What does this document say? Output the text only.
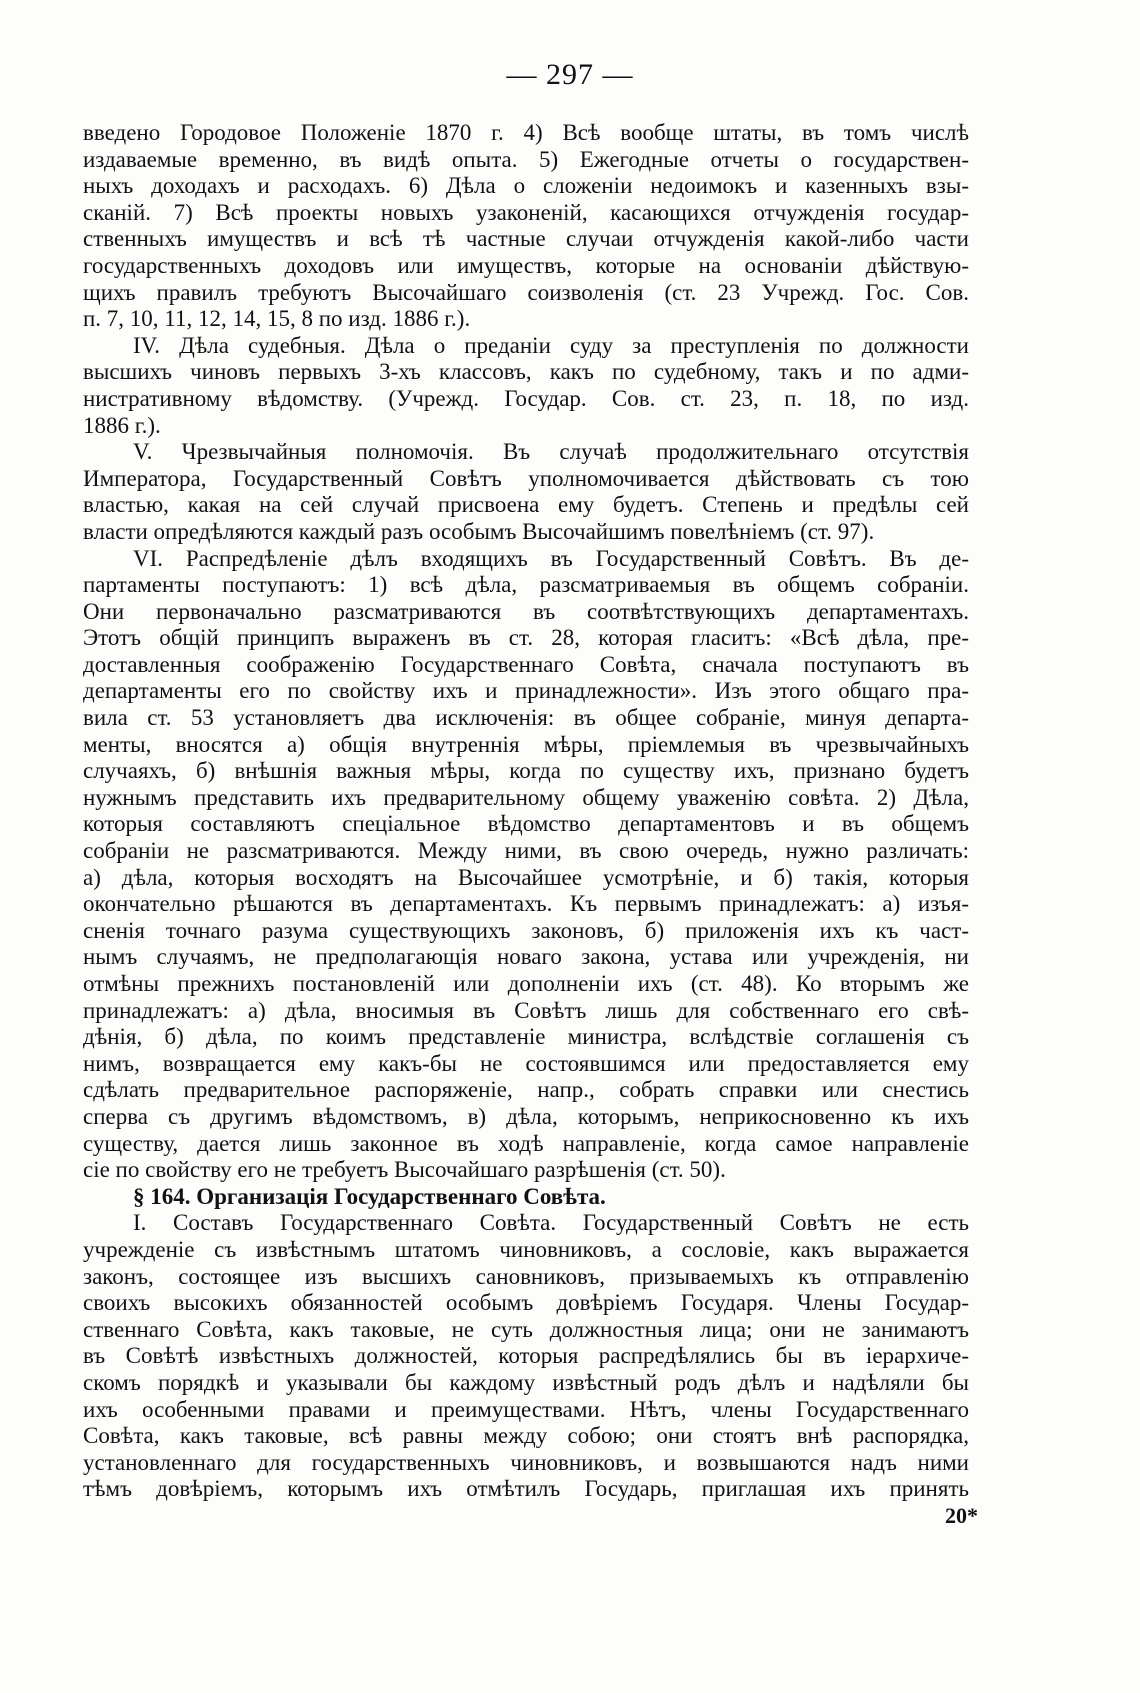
— 297 —
введено Городовое Положеніе 1870 г. 4) Всѣ вообще штаты, въ томъ числѣ
издаваемые временно, въ видѣ опыта. 5) Ежегодные отчеты о государствен-
ныхъ доходахъ и расходахъ. 6) Дѣла о сложеніи недоимокъ и казенныхъ взы-
сканій. 7) Всѣ проекты новыхъ узаконеній, касающихся отчужденія государ-
ственныхъ имуществъ и всѣ тѣ частные случаи отчужденія какой-либо части
государственныхъ доходовъ или имуществъ, которые на основаніи дѣйствую-
щихъ правилъ требуютъ Высочайшаго соизволенія (ст. 23 Учрежд. Гос. Сов.
п. 7, 10, 11, 12, 14, 15, 8 по изд. 1886 г.).
IV. Дѣла судебныя. Дѣла о преданіи суду за преступленія по должности
высшихъ чиновъ первыхъ 3-хъ классовъ, какъ по судебному, такъ и по адми-
нистративному вѣдомству. (Учрежд. Государ. Сов. ст. 23, п. 18, по изд.
1886 г.).
V. Чрезвычайныя полномочія. Въ случаѣ продолжительнаго отсутствія
Императора, Государственный Совѣтъ уполномочивается дѣйствовать съ тою
властью, какая на сей случай присвоена ему будетъ. Степень и предѣлы сей
власти опредѣляются каждый разъ особымъ Высочайшимъ повелѣніемъ (ст. 97).
VI. Распредѣленіе дѣлъ входящихъ въ Государственный Совѣтъ. Въ де-
партаменты поступаютъ: 1) всѣ дѣла, разсматриваемыя въ общемъ собраніи.
Они первоначально разсматриваются въ соотвѣтствующихъ департаментахъ.
Этотъ общій принципъ выраженъ въ ст. 28, которая гласитъ: «Всѣ дѣла, пре-
доставленныя соображенію Государственнаго Совѣта, сначала поступаютъ въ
департаменты его по свойству ихъ и принадлежности». Изъ этого общаго пра-
вила ст. 53 установляетъ два исключенія: въ общее собраніе, минуя департа-
менты, вносятся а) общія внутреннія мѣры, пріемлемыя въ чрезвычайныхъ
случаяхъ, б) внѣшнія важныя мѣры, когда по существу ихъ, признано будетъ
нужнымъ представить ихъ предварительному общему уваженію совѣта. 2) Дѣла,
которыя составляютъ спеціальное вѣдомство департаментовъ и въ общемъ
собраніи не разсматриваются. Между ними, въ свою очередь, нужно различать:
а) дѣла, которыя восходятъ на Высочайшее усмотрѣніе, и б) такія, которыя
окончательно рѣшаются въ департаментахъ. Къ первымъ принадлежатъ: а) изъя-
сненія точнаго разума существующихъ законовъ, б) приложенія ихъ къ част-
нымъ случаямъ, не предполагающія новаго закона, устава или учрежденія, ни
отмѣны прежнихъ постановленій или дополненіи ихъ (ст. 48). Ко вторымъ же
принадлежатъ: а) дѣла, вносимыя въ Совѣтъ лишь для собственнаго его свѣ-
дѣнія, б) дѣла, по коимъ представленіе министра, вслѣдствіе соглашенія съ
нимъ, возвращается ему какъ-бы не состоявшимся или предоставляется ему
сдѣлать предварительное распоряженіе, напр., собрать справки или снестись
сперва съ другимъ вѣдомствомъ, в) дѣла, которымъ, неприкосновенно къ ихъ
существу, дается лишь законное въ ходѣ направленіе, когда самое направленіе
сіе по свойству его не требуетъ Высочайшаго разрѣшенія (ст. 50).
§ 164. Организація Государственнаго Совѣта.
I. Составъ Государственнаго Совѣта. Государственный Совѣтъ не есть
учрежденіе съ извѣстнымъ штатомъ чиновниковъ, а сословіе, какъ выражается
законъ, состоящее изъ высшихъ сановниковъ, призываемыхъ къ отправленію
своихъ высокихъ обязанностей особымъ довѣріемъ Государя. Члены Государ-
ственнаго Совѣта, какъ таковые, не суть должностныя лица; они не занимаютъ
въ Совѣтѣ извѣстныхъ должностей, которыя распредѣлялись бы въ іерархиче-
скомъ порядкѣ и указывали бы каждому извѣстный родъ дѣлъ и надѣляли бы
ихъ особенными правами и преимуществами. Нѣтъ, члены Государственнаго
Совѣта, какъ таковые, всѣ равны между собою; они стоятъ внѣ распорядка,
установленнаго для государственныхъ чиновниковъ, и возвышаются надъ ними
тѣмъ довѣріемъ, которымъ ихъ отмѣтилъ Государь, приглашая ихъ принять
20*
